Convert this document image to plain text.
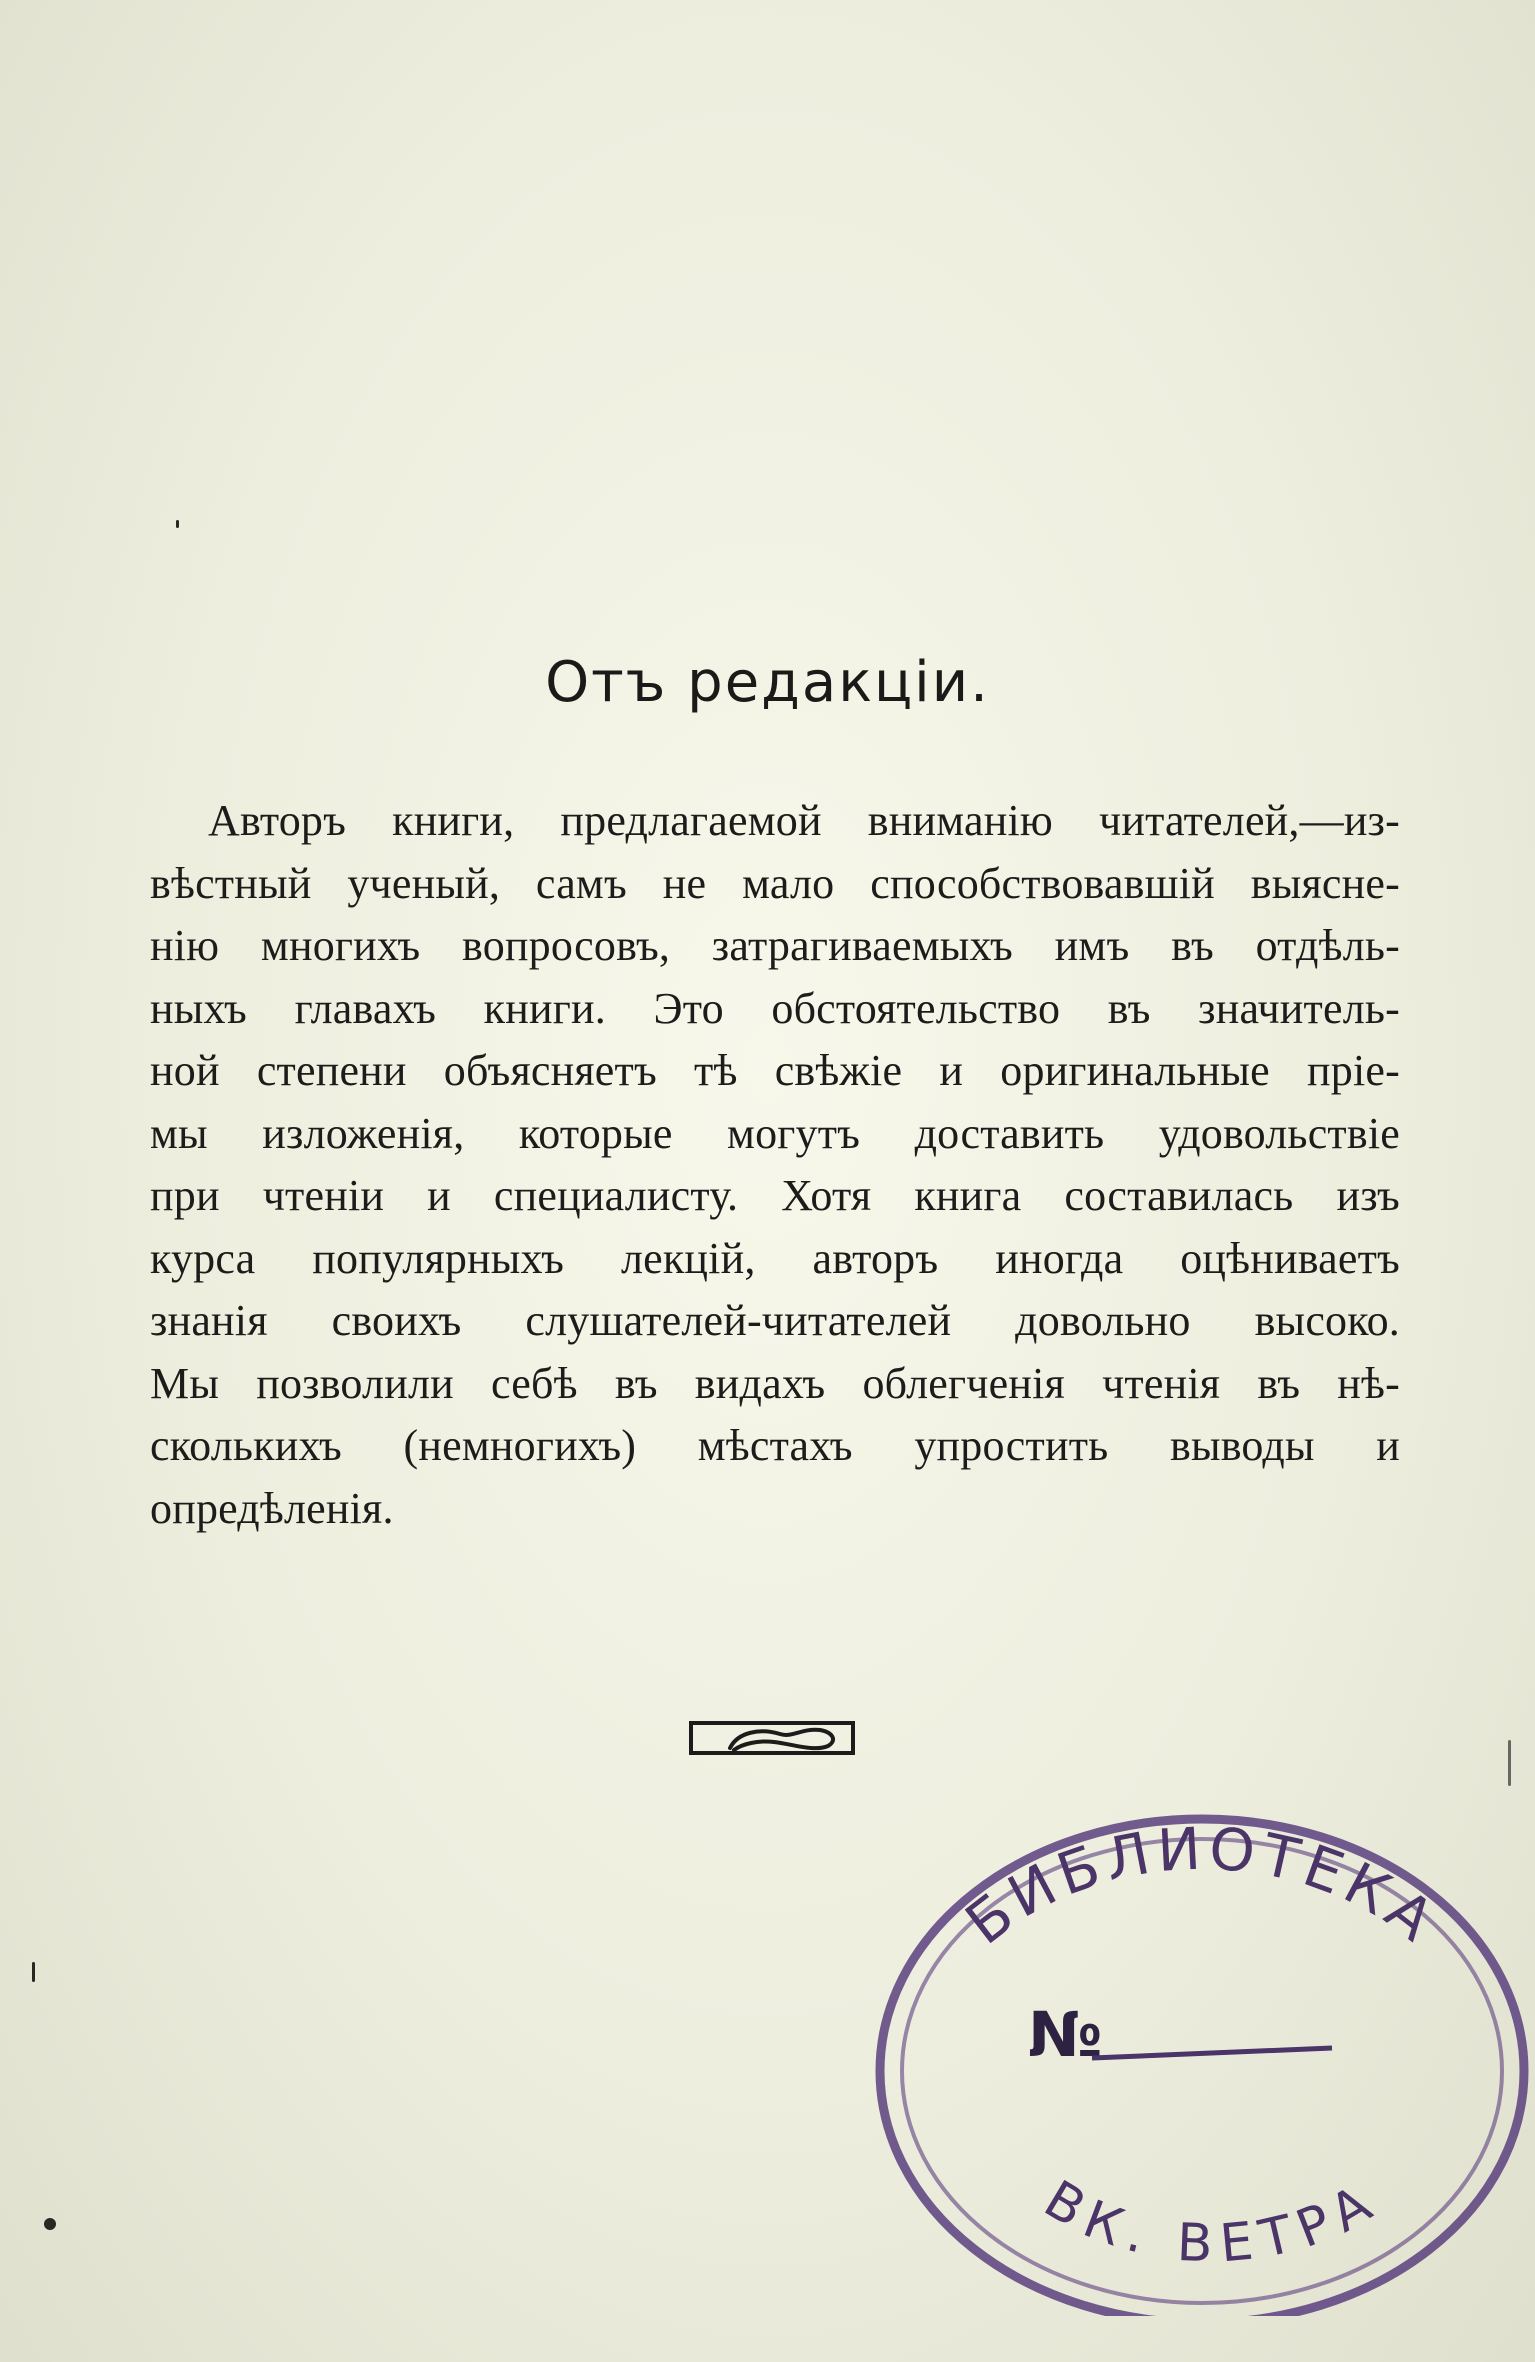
Отъ редакцiи.
Авторъ книги, предлагаемой вниманiю читателей,—из-
вѣстный ученый, самъ не мало способствовавшiй выясне-
нiю многихъ вопросовъ, затрагиваемыхъ имъ въ отдѣль-
ныхъ главахъ книги. Это обстоятельство въ значитель-
ной степени объясняетъ тѣ свѣжiе и оригинальные прiе-
мы изложенiя, которые могутъ доставить удовольствiе
при чтенiи и специалисту. Хотя книга составилась изъ
курса популярныхъ лекцiй, авторъ иногда оцѣниваетъ
знанiя своихъ слушателей-читателей довольно высоко.
Мы позволили себѣ въ видахъ облегченiя чтенiя въ нѣ-
сколькихъ (немногихъ) мѣстахъ упростить выводы и
опредѣленiя.
БИБЛИОТЕКА
№
ВК. ВЕТРА
